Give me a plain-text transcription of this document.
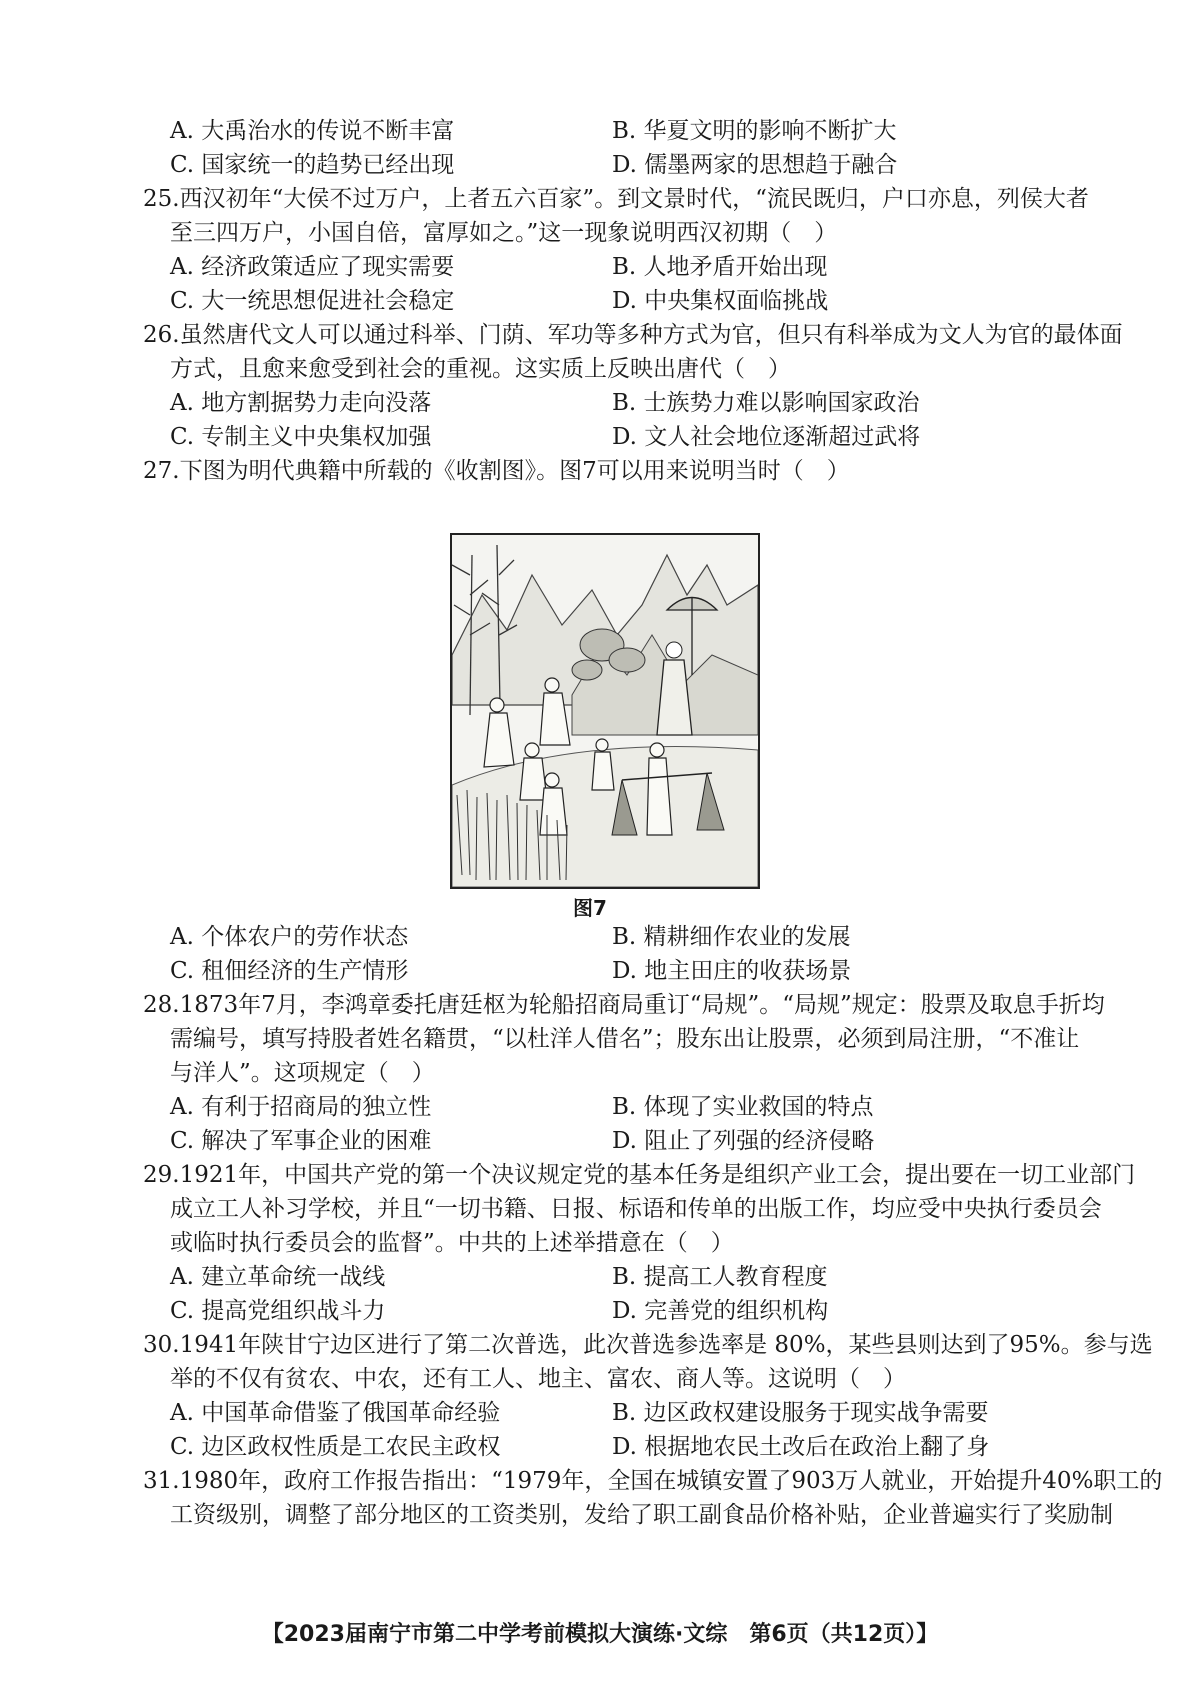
A. 大禹治水的传说不断丰富	B. 华夏文明的影响不断扩大
C. 国家统一的趋势已经出现	D. 儒墨两家的思想趋于融合
25.西汉初年“大侯不过万户，上者五六百家”。到文景时代，“流民既归，户口亦息，列侯大者
至三四万户，小国自倍，富厚如之。”这一现象说明西汉初期（　）
A. 经济政策适应了现实需要	B. 人地矛盾开始出现
C. 大一统思想促进社会稳定	D. 中央集权面临挑战
26.虽然唐代文人可以通过科举、门荫、军功等多种方式为官，但只有科举成为文人为官的最体面
方式，且愈来愈受到社会的重视。这实质上反映出唐代（　）
A. 地方割据势力走向没落	B. 士族势力难以影响国家政治
C. 专制主义中央集权加强	D. 文人社会地位逐渐超过武将
27.下图为明代典籍中所载的《收割图》。图7可以用来说明当时（　）
图7
A. 个体农户的劳作状态	B. 精耕细作农业的发展
C. 租佃经济的生产情形	D. 地主田庄的收获场景
28.1873年7月，李鸿章委托唐廷枢为轮船招商局重订“局规”。“局规”规定：股票及取息手折均
需编号，填写持股者姓名籍贯，“以杜洋人借名”；股东出让股票，必须到局注册，“不准让
与洋人”。这项规定（　）
A. 有利于招商局的独立性	B. 体现了实业救国的特点
C. 解决了军事企业的困难	D. 阻止了列强的经济侵略
29.1921年，中国共产党的第一个决议规定党的基本任务是组织产业工会，提出要在一切工业部门
成立工人补习学校，并且“一切书籍、日报、标语和传单的出版工作，均应受中央执行委员会
或临时执行委员会的监督”。中共的上述举措意在（　）
A. 建立革命统一战线	B. 提高工人教育程度
C. 提高党组织战斗力	D. 完善党的组织机构
30.1941年陕甘宁边区进行了第二次普选，此次普选参选率是 80%，某些县则达到了95%。参与选
举的不仅有贫农、中农，还有工人、地主、富农、商人等。这说明（　）
A. 中国革命借鉴了俄国革命经验	B. 边区政权建设服务于现实战争需要
C. 边区政权性质是工农民主政权	D. 根据地农民土改后在政治上翻了身
31.1980年，政府工作报告指出：“1979年，全国在城镇安置了903万人就业，开始提升40%职工的
工资级别，调整了部分地区的工资类别，发给了职工副食品价格补贴，企业普遍实行了奖励制
【2023届南宁市第二中学考前模拟大演练·文综　第6页（共12页）】
